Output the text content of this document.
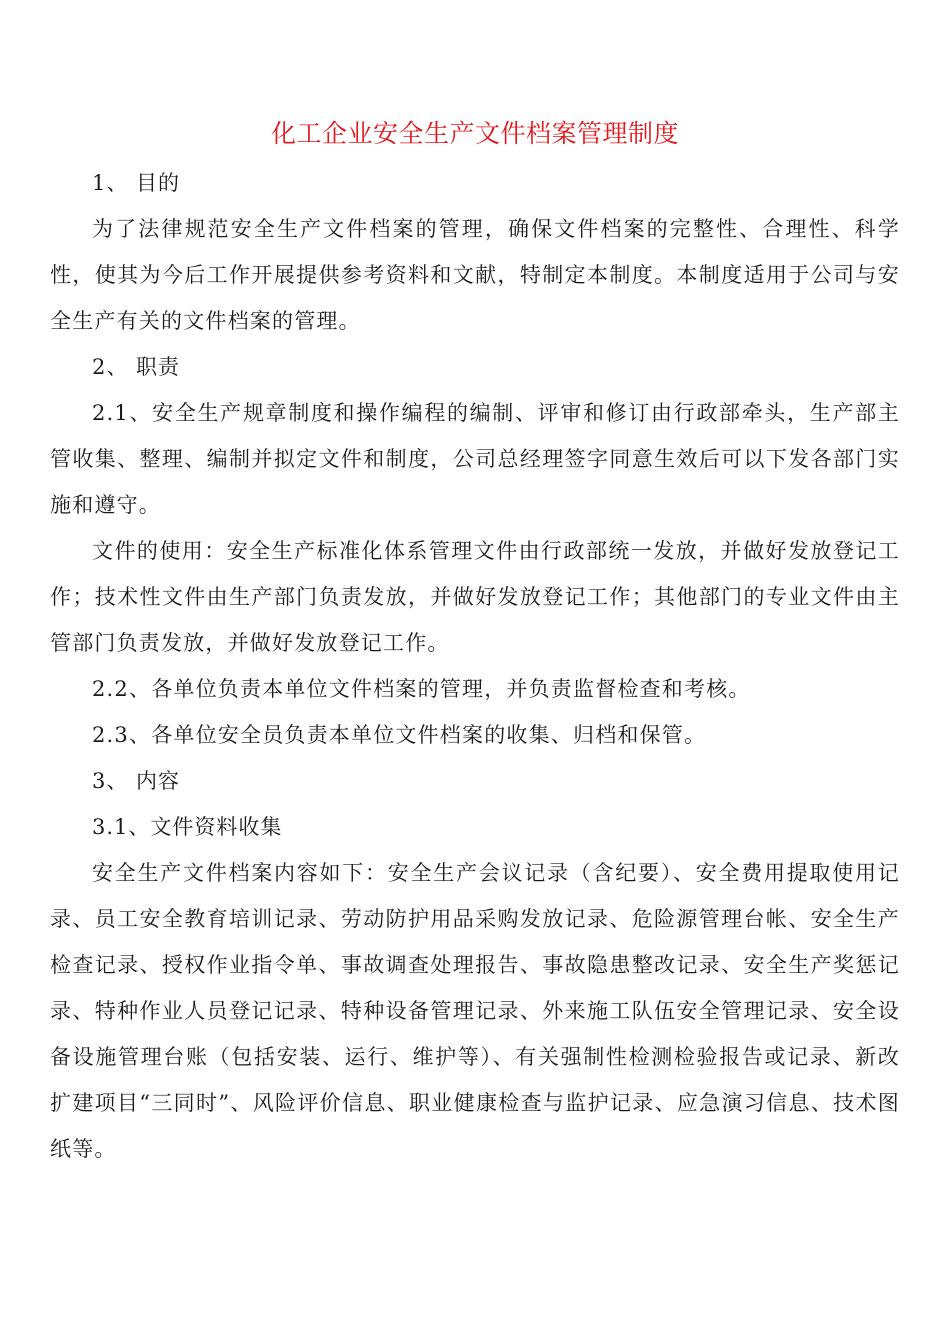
化工企业安全生产文件档案管理制度

1、 目的

为了法律规范安全生产文件档案的管理，确保文件档案的完整性、合理性、科学性，使其为今后工作开展提供参考资料和文献，特制定本制度。本制度适用于公司与安全生产有关的文件档案的管理。

2、 职责

2.1、安全生产规章制度和操作编程的编制、评审和修订由行政部牵头，生产部主管收集、整理、编制并拟定文件和制度，公司总经理签字同意生效后可以下发各部门实施和遵守。

文件的使用：安全生产标准化体系管理文件由行政部统一发放，并做好发放登记工作；技术性文件由生产部门负责发放，并做好发放登记工作；其他部门的专业文件由主管部门负责发放，并做好发放登记工作。

2.2、各单位负责本单位文件档案的管理，并负责监督检查和考核。

2.3、各单位安全员负责本单位文件档案的收集、归档和保管。

3、 内容

3.1、文件资料收集

安全生产文件档案内容如下：安全生产会议记录（含纪要）、安全费用提取使用记录、员工安全教育培训记录、劳动防护用品采购发放记录、危险源管理台帐、安全生产检查记录、授权作业指令单、事故调查处理报告、事故隐患整改记录、安全生产奖惩记录、特种作业人员登记记录、特种设备管理记录、外来施工队伍安全管理记录、安全设备设施管理台账（包括安装、运行、维护等）、有关强制性检测检验报告或记录、新改扩建项目“三同时”、风险评价信息、职业健康检查与监护记录、应急演习信息、技术图纸等。
